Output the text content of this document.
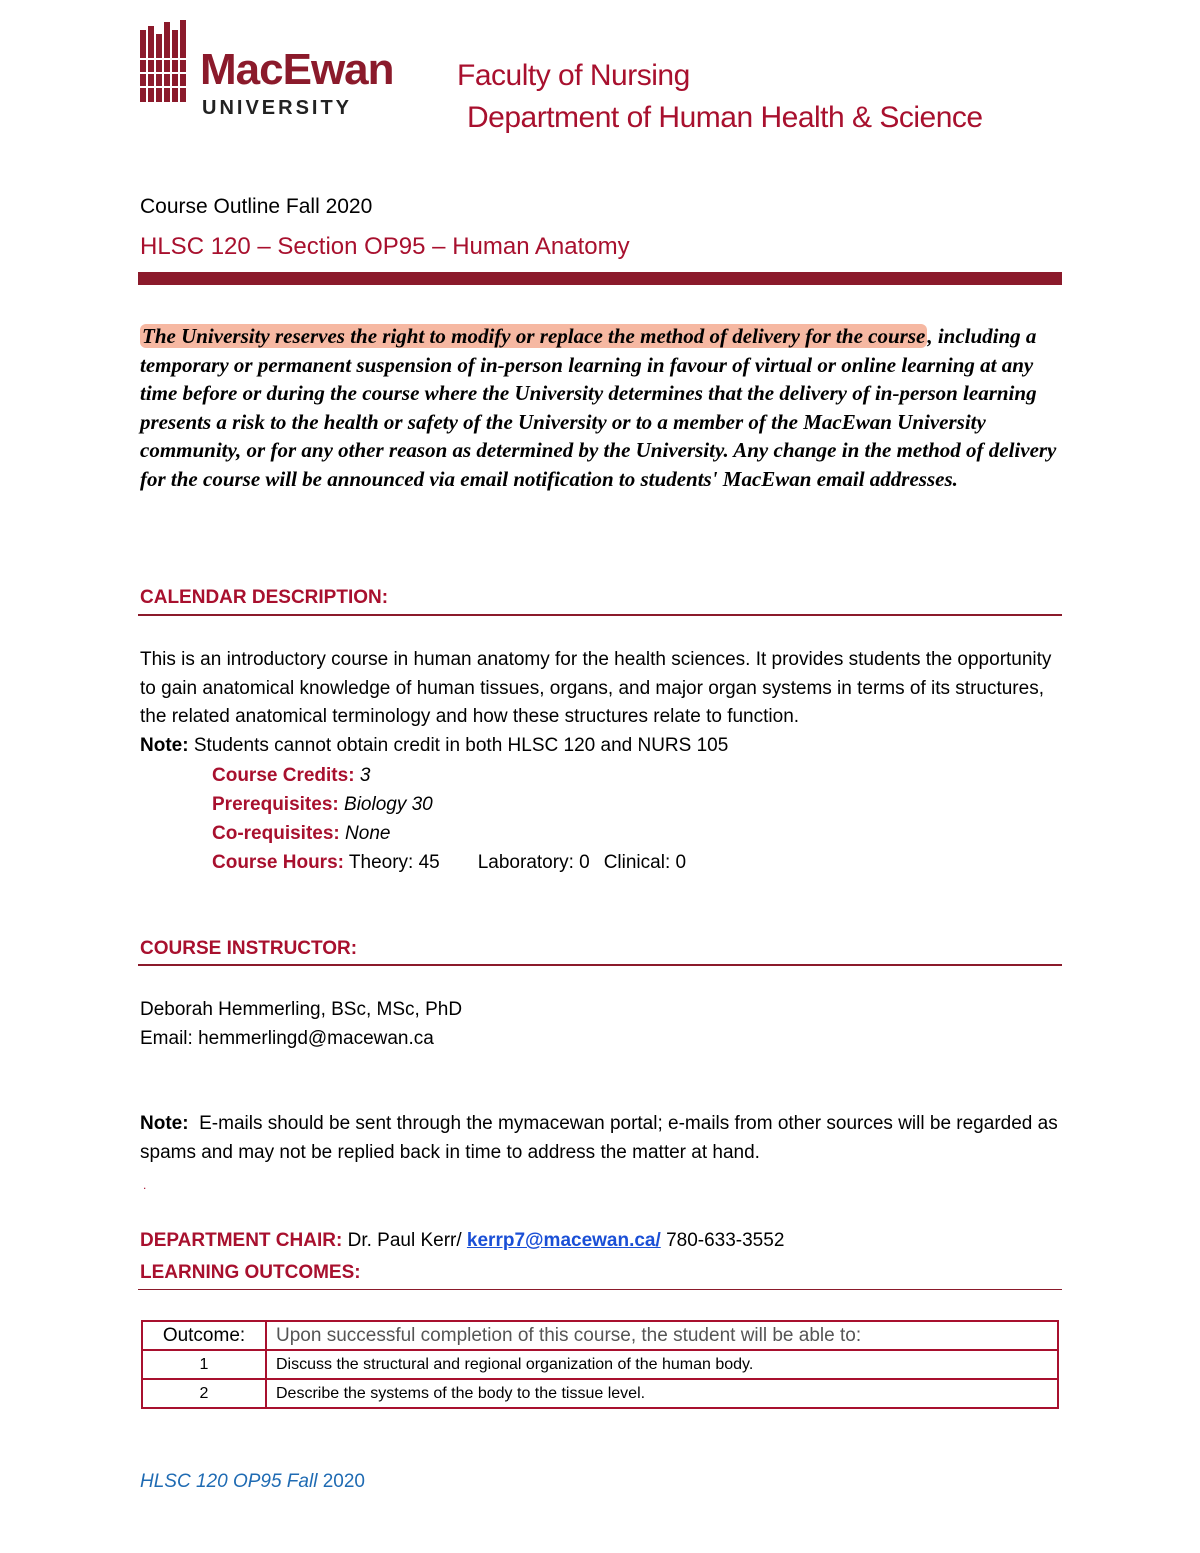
MacEwan
UNIVERSITY
Faculty of Nursing
Department of Human Health & Science
Course Outline Fall 2020
HLSC 120 – Section OP95 – Human Anatomy
The University reserves the right to modify or replace the method of delivery for the course, including a temporary or permanent suspension of in-person learning in favour of virtual or online learning at any time before or during the course where the University determines that the delivery of in-person learning presents a risk to the health or safety of the University or to a member of the MacEwan University community, or for any other reason as determined by the University. Any change in the method of delivery for the course will be announced via email notification to students' MacEwan email addresses.
CALENDAR DESCRIPTION:
This is an introductory course in human anatomy for the health sciences. It provides students the opportunity to gain anatomical knowledge of human tissues, organs, and major organ systems in terms of its structures, the related anatomical terminology and how these structures relate to function.
Note: Students cannot obtain credit in both HLSC 120 and NURS 105
Course Credits: 3
Prerequisites: Biology 30
Co-requisites: None
Course Hours: Theory: 45 Laboratory: 0 Clinical: 0
COURSE INSTRUCTOR:
Deborah Hemmerling, BSc, MSc, PhD
Email: hemmerlingd@macewan.ca
Note: E-mails should be sent through the mymacewan portal; e-mails from other sources will be regarded as spams and may not be replied back in time to address the matter at hand.
.
DEPARTMENT CHAIR: Dr. Paul Kerr/ kerrp7@macewan.ca/ 780-633-3552
LEARNING OUTCOMES:
Outcome:	Upon successful completion of this course, the student will be able to:
1	Discuss the structural and regional organization of the human body.
2	Describe the systems of the body to the tissue level.
HLSC 120 OP95 Fall 2020
